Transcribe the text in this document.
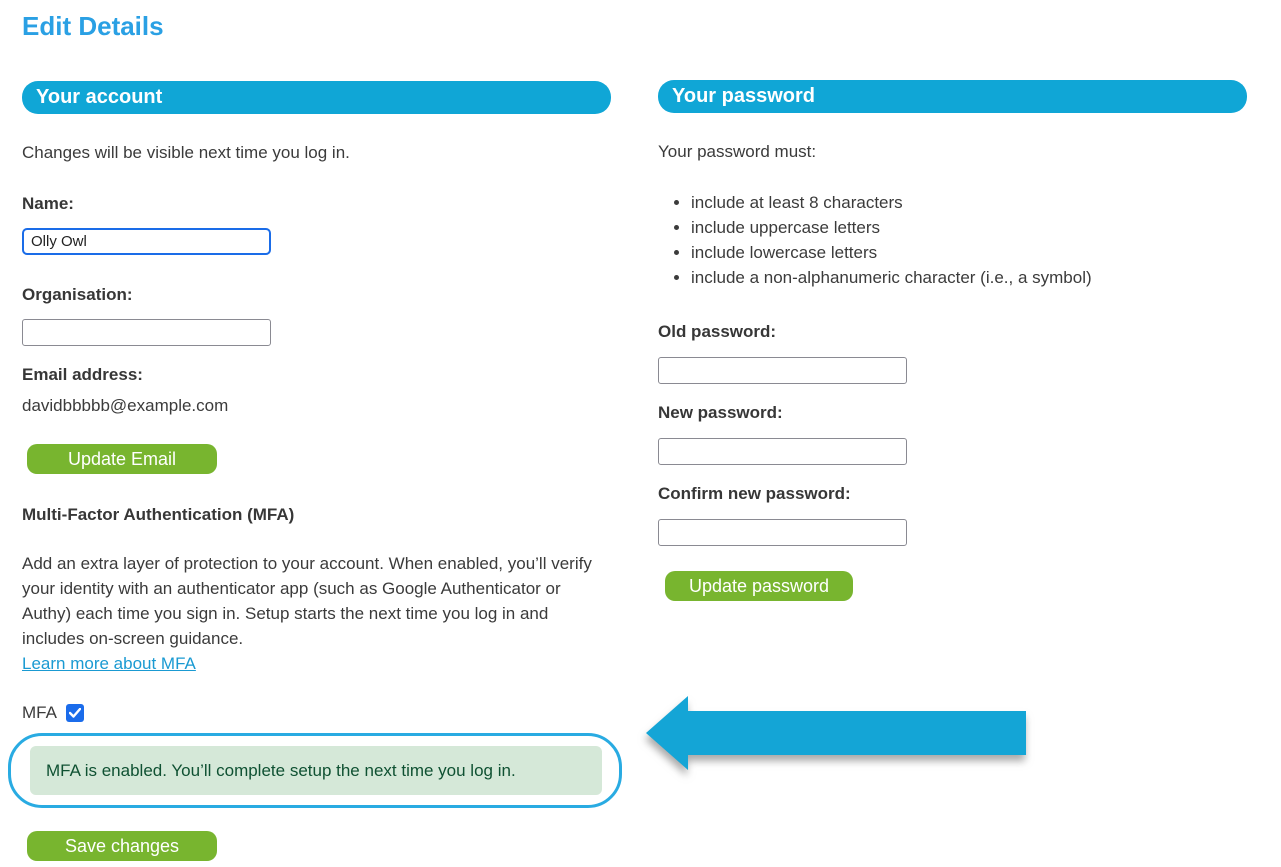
Edit Details
Your account

Changes will be visible next time you log in.

Name:
Olly Owl
Organisation:
Email address:
davidbbbbb@example.com
Update Email
Multi-Factor Authentication (MFA)

Add an extra layer of protection to your account. When enabled, you’ll verify your identity with an authenticator app (such as Google Authenticator or Authy) each time you sign in. Setup starts the next time you log in and includes on-screen guidance.

Learn more about MFA
MFA
MFA is enabled. You’ll complete setup the next time you log in.
Save changes
Your password

Your password must:

• include at least 8 characters
• include uppercase letters
• include lowercase letters
• include a non-alphanumeric character (i.e., a symbol)
Old password:
New password:
Confirm new password:
Update password
